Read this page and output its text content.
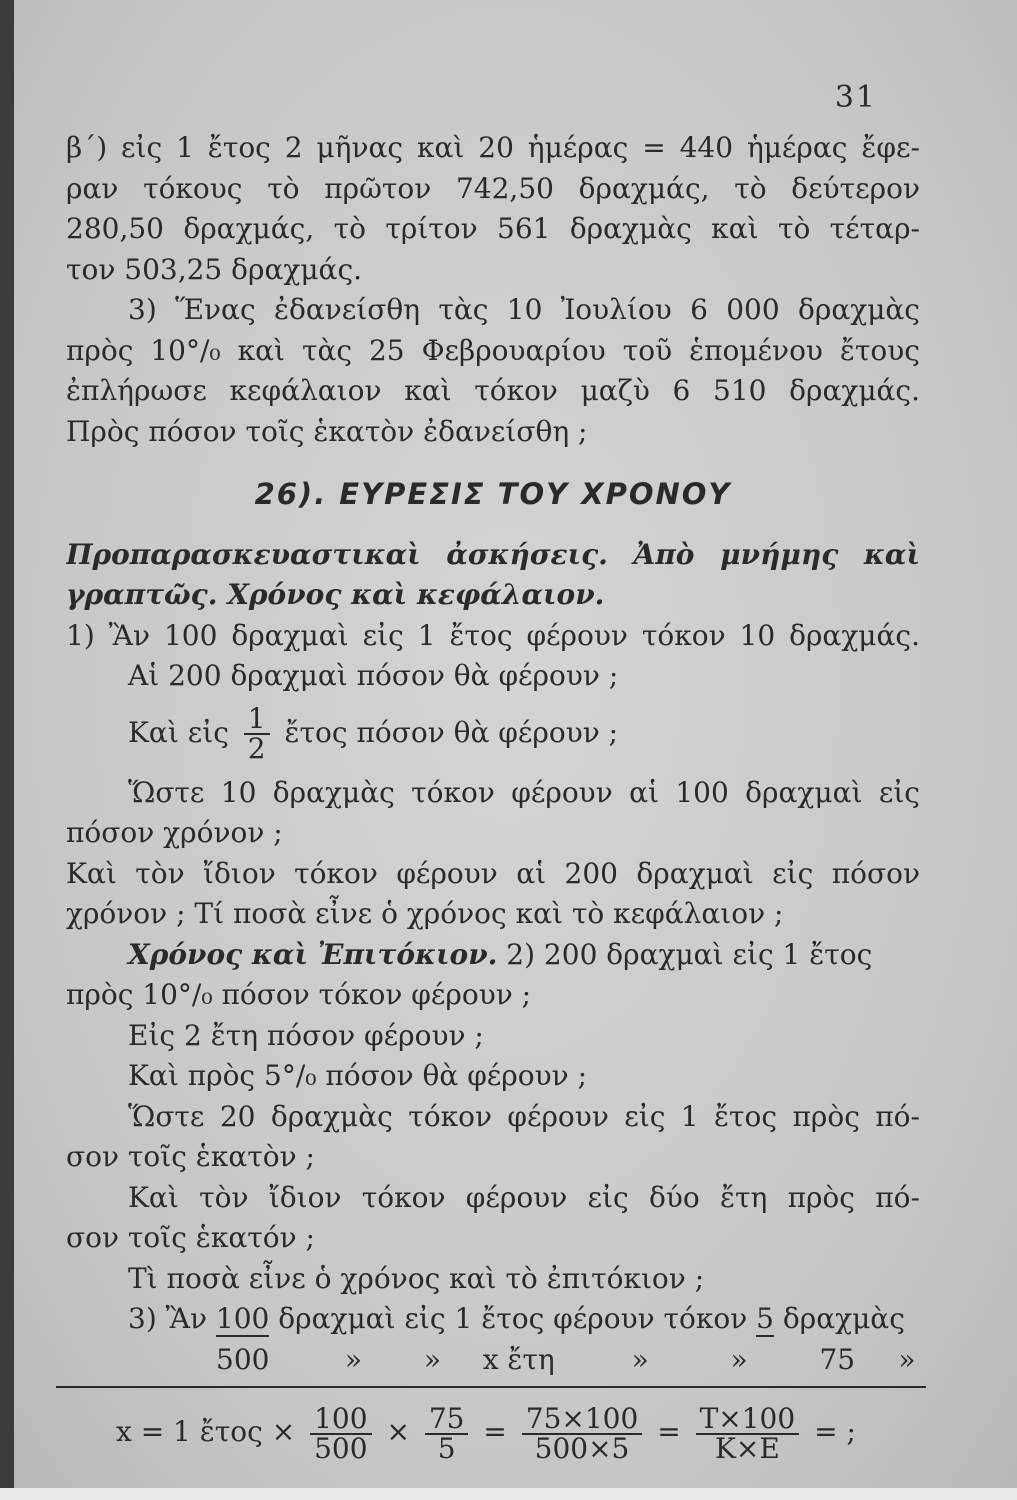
31
β΄) εἰς 1 ἔτος 2 μῆνας καὶ 20 ἡμέρας = 440 ἡμέρας ἔφε-
ραν τόκους τὸ πρῶτον 742,50 δραχμάς, τὸ δεύτερον
280,50 δραχμάς, τὸ τρίτον 561 δραχμὰς καὶ τὸ τέταρ-
τον 503,25 δραχμάς.
3) Ἕνας ἐδανείσθη τὰς 10 Ἰουλίου 6 000 δραχμὰς
πρὸς 10°/₀ καὶ τὰς 25 Φεβρουαρίου τοῦ ἑπομένου ἔτους
ἐπλήρωσε κεφάλαιον καὶ τόκον μαζὺ 6 510 δραχμάς.
Πρὸς πόσον τοῖς ἑκατὸν ἐδανείσθη ;
26). ΕΥΡΕΣΙΣ ΤΟΥ ΧΡΟΝΟΥ
Προπαρασκευαστικαὶ ἀσκήσεις. Ἀπὸ μνήμης καὶ
γραπτῶς. Χρόνος καὶ κεφάλαιον.
1) Ἂν 100 δραχμαὶ εἰς 1 ἔτος φέρουν τόκον 10 δραχμάς.
Αἱ 200 δραχμαὶ πόσον θὰ φέρουν ;
Καὶ εἰς $\frac{1}{2}$ ἔτος πόσον θὰ φέρουν ;
Ὥστε 10 δραχμὰς τόκον φέρουν αἱ 100 δραχμαὶ εἰς
πόσον χρόνον ;
Καὶ τὸν ἴδιον τόκον φέρουν αἱ 200 δραχμαὶ εἰς πόσον
χρόνον ; Τί ποσὰ εἶνε ὁ χρόνος καὶ τὸ κεφάλαιον ;
Χρόνος καὶ Ἐπιτόκιον. 2) 200 δραχμαὶ εἰς 1 ἔτος
πρὸς 10°/₀ πόσον τόκον φέρουν ;
Εἰς 2 ἔτη πόσον φέρουν ;
Καὶ πρὸς 5°/₀ πόσον θὰ φέρουν ;
Ὥστε 20 δραχμὰς τόκον φέρουν εἰς 1 ἔτος πρὸς πό-
σον τοῖς ἑκατὸν ;
Καὶ τὸν ἴδιον τόκον φέρουν εἰς δύο ἔτη πρὸς πό-
σον τοῖς ἑκατόν ;
Τὶ ποσὰ εἶνε ὁ χρόνος καὶ τὸ ἐπιτόκιον ;
3) Ἂν 100 δραχμαὶ εἰς 1 ἔτος φέρουν τόκον 5 δραχμὰς
500	» » x ἔτη	»	»	75 »
x = 1 ἔτος × $\frac{100}{500} \times \frac{75}{5} = \frac{75\times 100}{500\times 5} = \frac{T\times 100}{K\times E}$ = ;
